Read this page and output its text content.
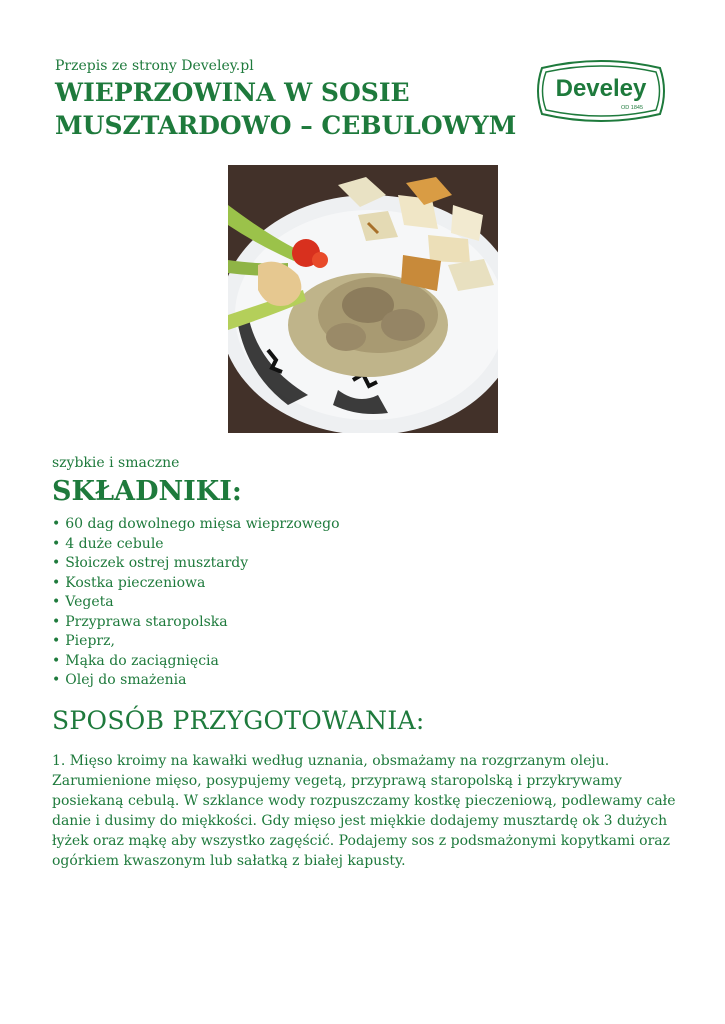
Przepis ze strony Develey.pl
WIEPRZOWINA W SOSIE
MUSZTARDOWO – CEBULOWYM
Develey
OD 1845
szybkie i smaczne
SKŁADNIKI:
• 60 dag dowolnego mięsa wieprzowego
• 4 duże cebule
• Słoiczek ostrej musztardy
• Kostka pieczeniowa
• Vegeta
• Przyprawa staropolska
• Pieprz,
• Mąka do zaciągnięcia
• Olej do smażenia
SPOSÓB PRZYGOTOWANIA:

1. Mięso kroimy na kawałki według uznania, obsmażamy na rozgrzanym oleju. Zarumienione mięso, posypujemy vegetą, przyprawą staropolską i przykrywamy posiekaną cebulą. W szklance wody rozpuszczamy kostkę pieczeniową, podlewamy całe danie i dusimy do miękkości. Gdy mięso jest miękkie dodajemy musztardę ok 3 dużych łyżek oraz mąkę aby wszystko zagęścić. Podajemy sos z podsmażonymi kopytkami oraz ogórkiem kwaszonym lub sałatką z białej kapusty.
